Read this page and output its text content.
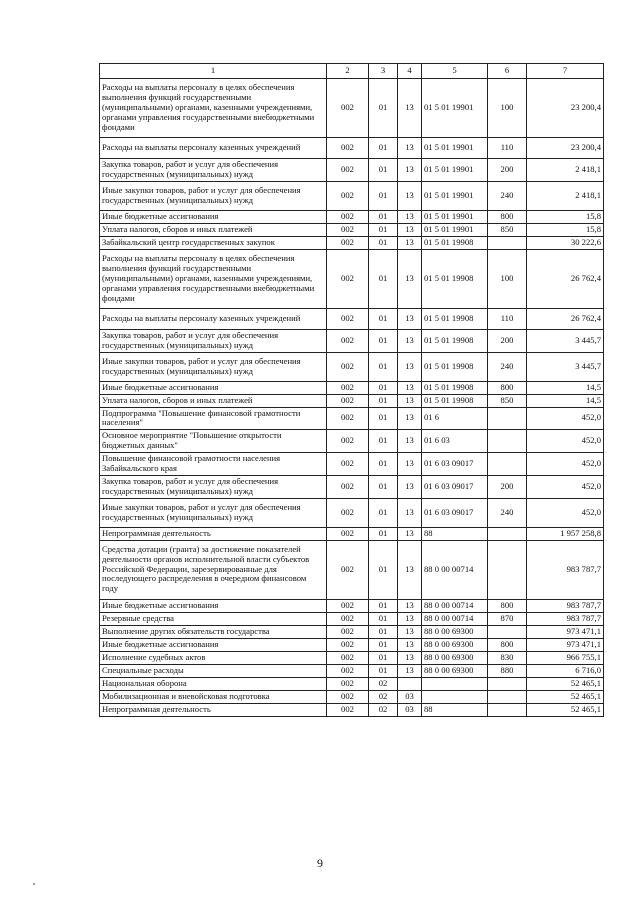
1	2	3	4	5	6	7
Расходы на выплаты персоналу в целях обеспечения выполнения функций государственными (муниципальными) органами, казенными учреждениями, органами управления государственными внебюджетными фондами	002	01	13	01 5 01 19901	100	23 200,4
Расходы на выплаты персоналу казенных учреждений	002	01	13	01 5 01 19901	110	23 200,4
Закупка товаров, работ и услуг для обеспечения государственных (муниципальных) нужд	002	01	13	01 5 01 19901	200	2 418,1
Иные закупки товаров, работ и услуг для обеспечения государственных (муниципальных) нужд	002	01	13	01 5 01 19901	240	2 418,1
Иные бюджетные ассигнования	002	01	13	01 5 01 19901	800	15,8
Уплата налогов, сборов и иных платежей	002	01	13	01 5 01 19901	850	15,8
Забайкальский центр государственных закупок	002	01	13	01 5 01 19908		30 222,6
Расходы на выплаты персоналу в целях обеспечения выполнения функций государственными (муниципальными) органами, казенными учреждениями, органами управления государственными внебюджетными фондами	002	01	13	01 5 01 19908	100	26 762,4
Расходы на выплаты персоналу казенных учреждений	002	01	13	01 5 01 19908	110	26 762,4
Закупка товаров, работ и услуг для обеспечения государственных (муниципальных) нужд	002	01	13	01 5 01 19908	200	3 445,7
Иные закупки товаров, работ и услуг для обеспечения государственных (муниципальных) нужд	002	01	13	01 5 01 19908	240	3 445,7
Иные бюджетные ассигнования	002	01	13	01 5 01 19908	800	14,5
Уплата налогов, сборов и иных платежей	002	01	13	01 5 01 19908	850	14,5
Подпрограмма "Повышение финансовой грамотности населения"	002	01	13	01 6		452,0
Основное мероприятие "Повышение открытости бюджетных данных"	002	01	13	01 6 03		452,0
Повышение финансовой грамотности населения Забайкальского края	002	01	13	01 6 03 09017		452,0
Закупка товаров, работ и услуг для обеспечения государственных (муниципальных) нужд	002	01	13	01 6 03 09017	200	452,0
Иные закупки товаров, работ и услуг для обеспечения государственных (муниципальных) нужд	002	01	13	01 6 03 09017	240	452,0
Непрограммная деятельность	002	01	13	88		1 957 258,8
Средства дотации (гранта) за достижение показателей деятельности органов исполнительной власти субъектов Российской Федерации, зарезервированные для последующего распределения в очередном финансовом году	002	01	13	88 0 00 00714		983 787,7
Иные бюджетные ассигнования	002	01	13	88 0 00 00714	800	983 787,7
Резервные средства	002	01	13	88 0 00 00714	870	983 787,7
Выполнение других обязательств государства	002	01	13	88 0 00 69300		973 471,1
Иные бюджетные ассигнования	002	01	13	88 0 00 69300	800	973 471,1
Исполнение судебных актов	002	01	13	88 0 00 69300	830	966 755,1
Специальные расходы	002	01	13	88 0 00 69300	880	6 716,0
Национальная оборона	002	02				52 465,1
Мобилизационная и вневойсковая подготовка	002	02	03			52 465,1
Непрограммная деятельность	002	02	03	88		52 465,1
9
